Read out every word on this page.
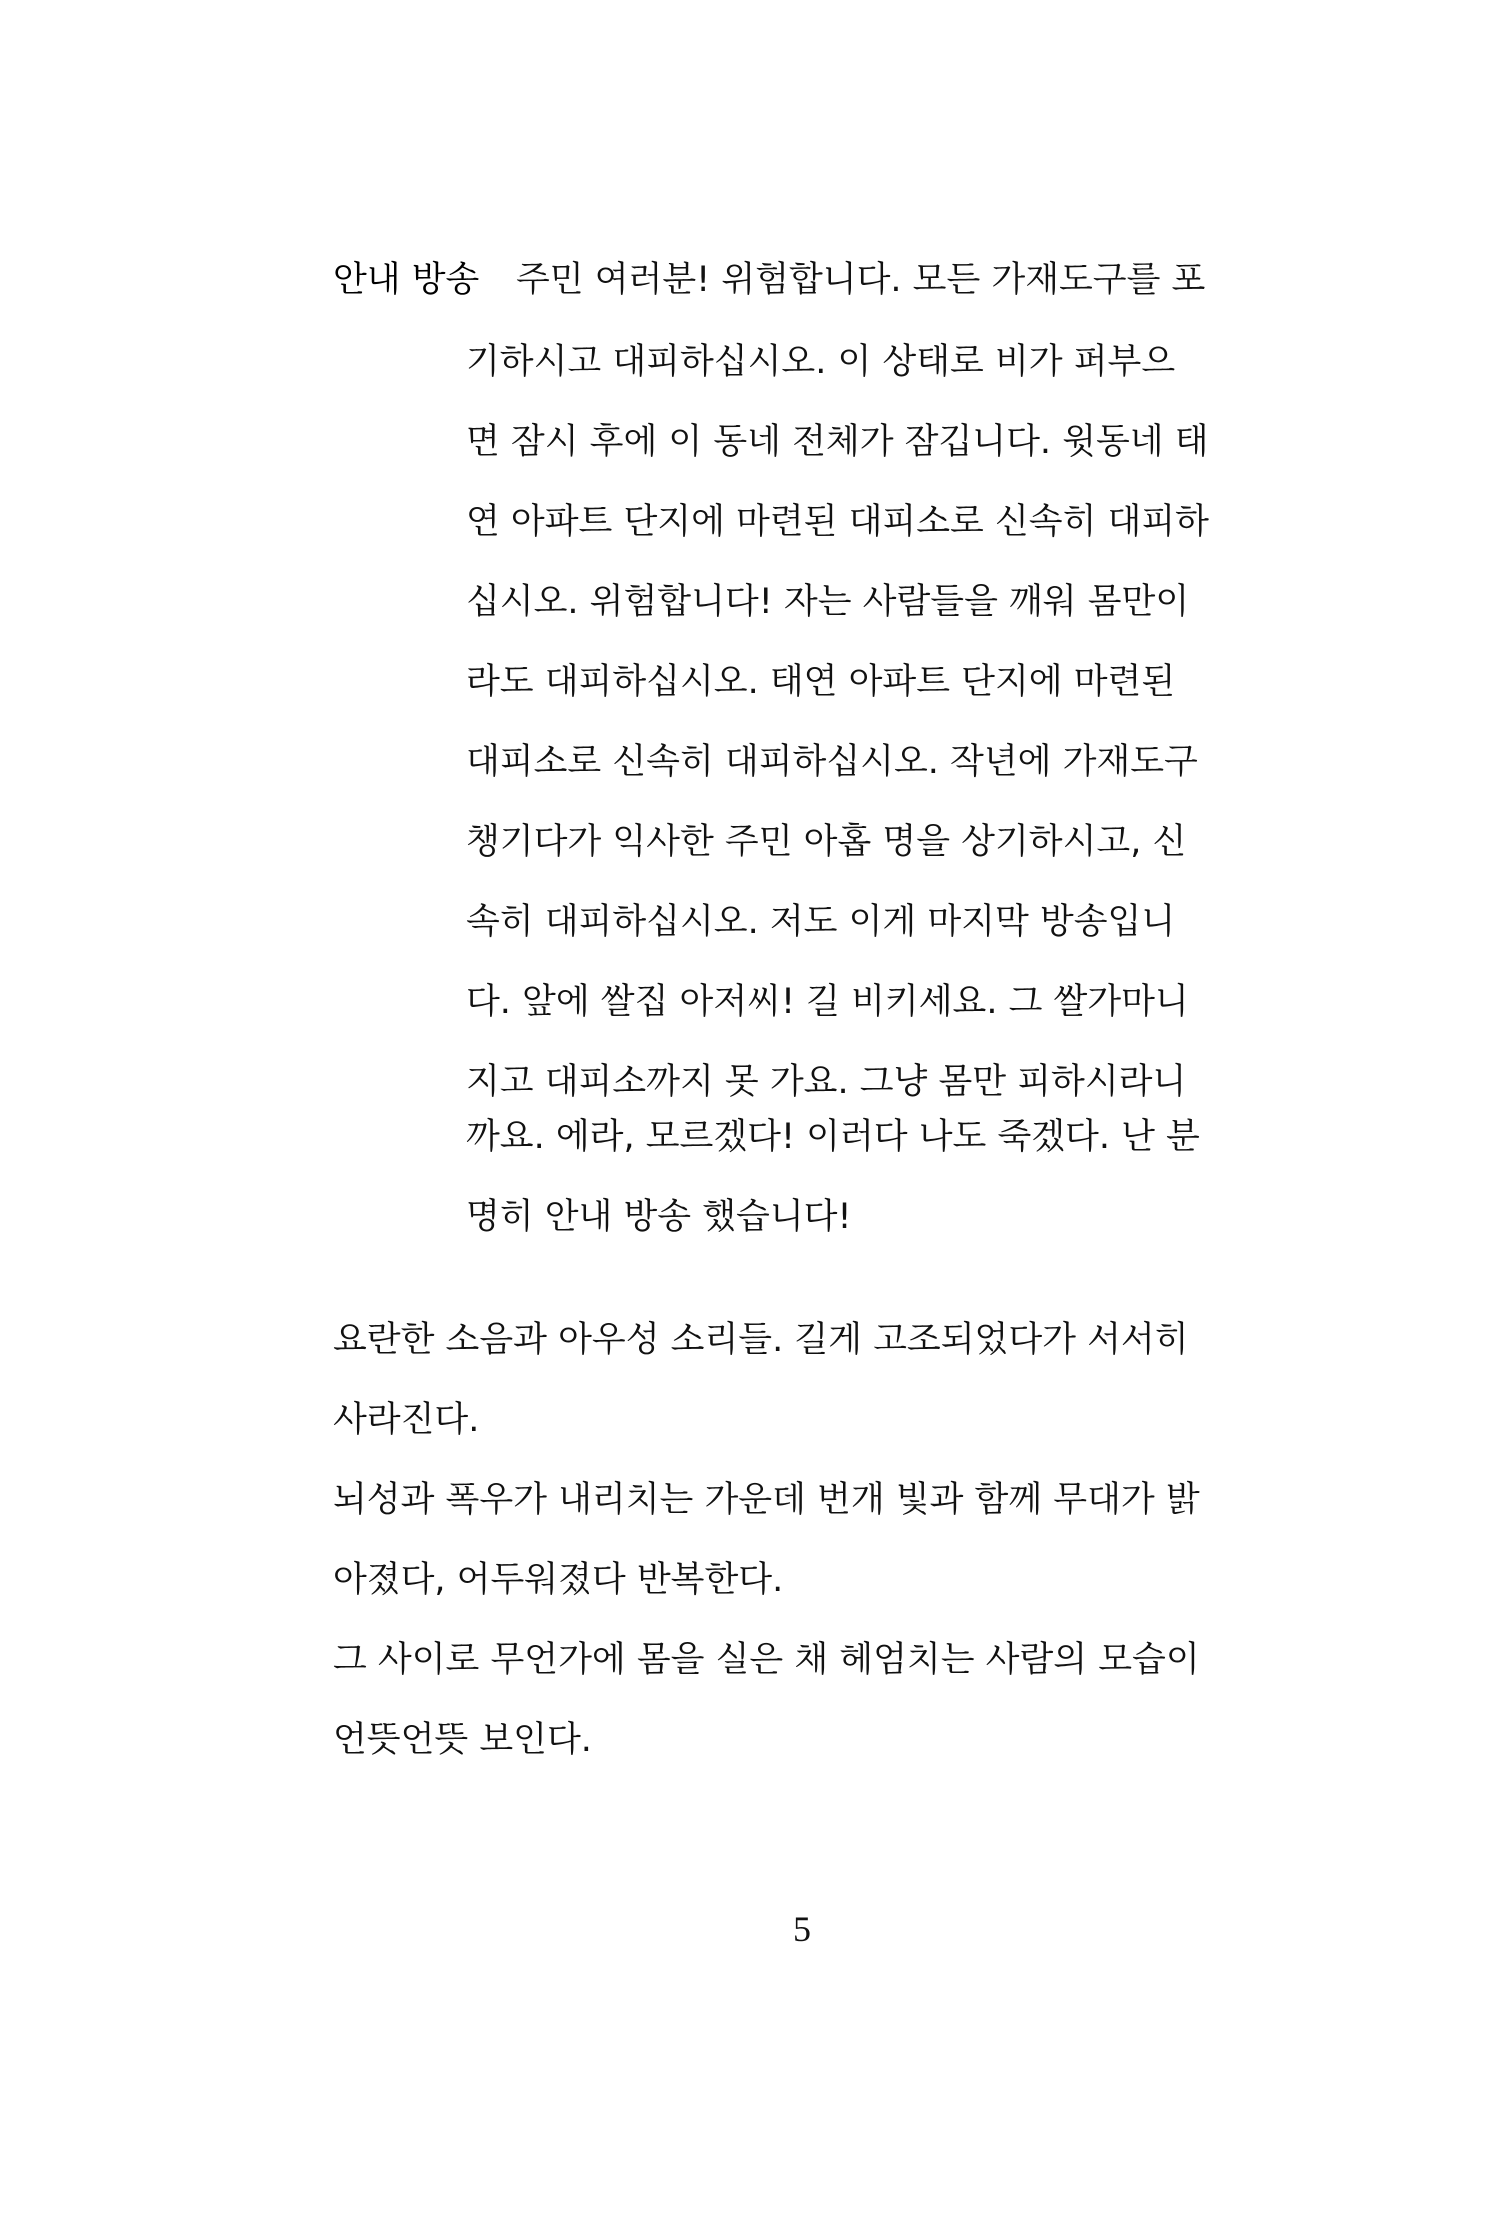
안내 방송 주민 여러분! 위험합니다. 모든 가재도구를 포
기하시고 대피하십시오. 이 상태로 비가 퍼부으
면 잠시 후에 이 동네 전체가 잠깁니다. 윗동네 태
연 아파트 단지에 마련된 대피소로 신속히 대피하
십시오. 위험합니다! 자는 사람들을 깨워 몸만이
라도 대피하십시오. 태연 아파트 단지에 마련된
대피소로 신속히 대피하십시오. 작년에 가재도구
챙기다가 익사한 주민 아홉 명을 상기하시고, 신
속히 대피하십시오. 저도 이게 마지막 방송입니
다. 앞에 쌀집 아저씨! 길 비키세요. 그 쌀가마니
지고 대피소까지 못 가요. 그냥 몸만 피하시라니
까요. 에라, 모르겠다! 이러다 나도 죽겠다. 난 분
명히 안내 방송 했습니다!
요란한 소음과 아우성 소리들. 길게 고조되었다가 서서히
사라진다.
뇌성과 폭우가 내리치는 가운데 번개 빛과 함께 무대가 밝
아졌다, 어두워졌다 반복한다.
그 사이로 무언가에 몸을 실은 채 헤엄치는 사람의 모습이
언뜻언뜻 보인다.
5
